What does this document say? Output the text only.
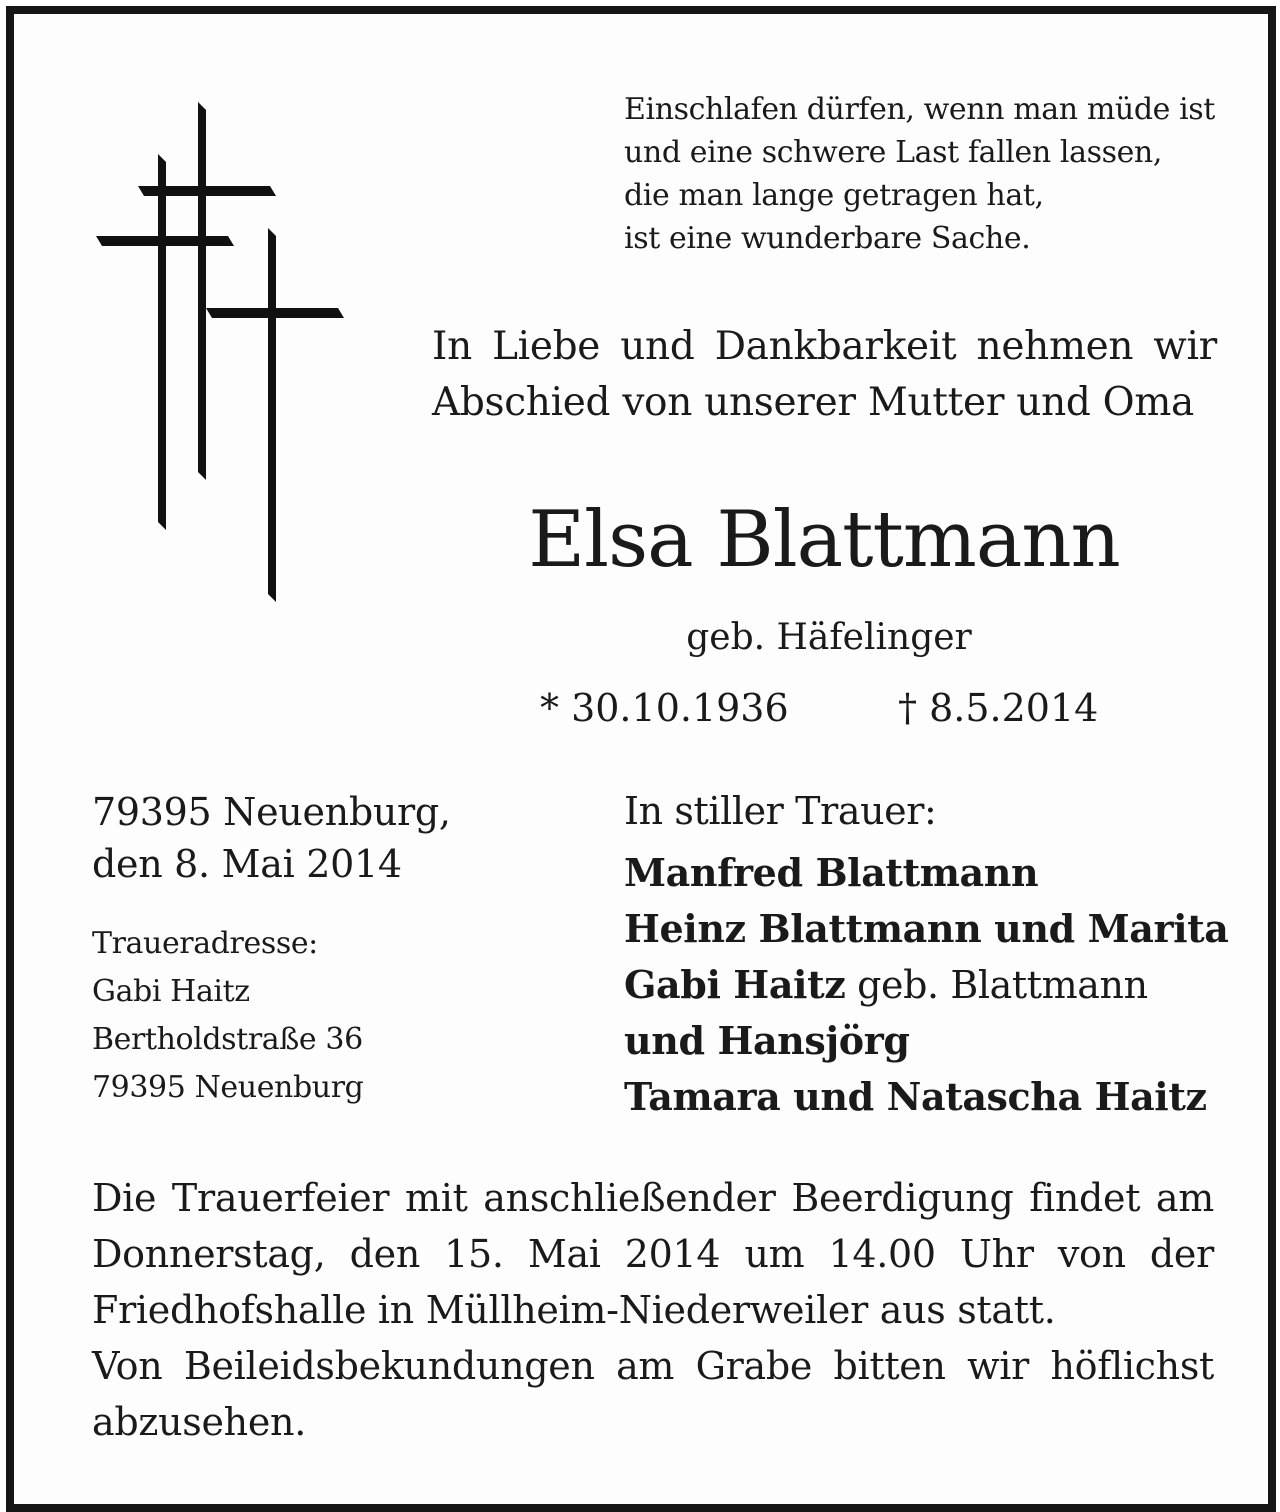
Einschlafen dürfen, wenn man müde ist
und eine schwere Last fallen lassen,
die man lange getragen hat,
ist eine wunderbare Sache.
In Liebe und Dankbarkeit nehmen wir
Abschied von unserer Mutter und Oma
Elsa Blattmann
geb. Häfelinger
* 30.10.1936	† 8.5.2014
79395 Neuenburg,
den 8. Mai 2014
Traueradresse:
Gabi Haitz
Bertholdstraße 36
79395 Neuenburg
In stiller Trauer:
Manfred Blattmann
Heinz Blattmann und Marita
Gabi Haitz geb. Blattmann
und Hansjörg
Tamara und Natascha Haitz
Die Trauerfeier mit anschließender Beerdigung findet am
Donnerstag, den 15. Mai 2014 um 14.00 Uhr von der
Friedhofshalle in Müllheim-Niederweiler aus statt.
Von Beileidsbekundungen am Grabe bitten wir höflichst
abzusehen.
